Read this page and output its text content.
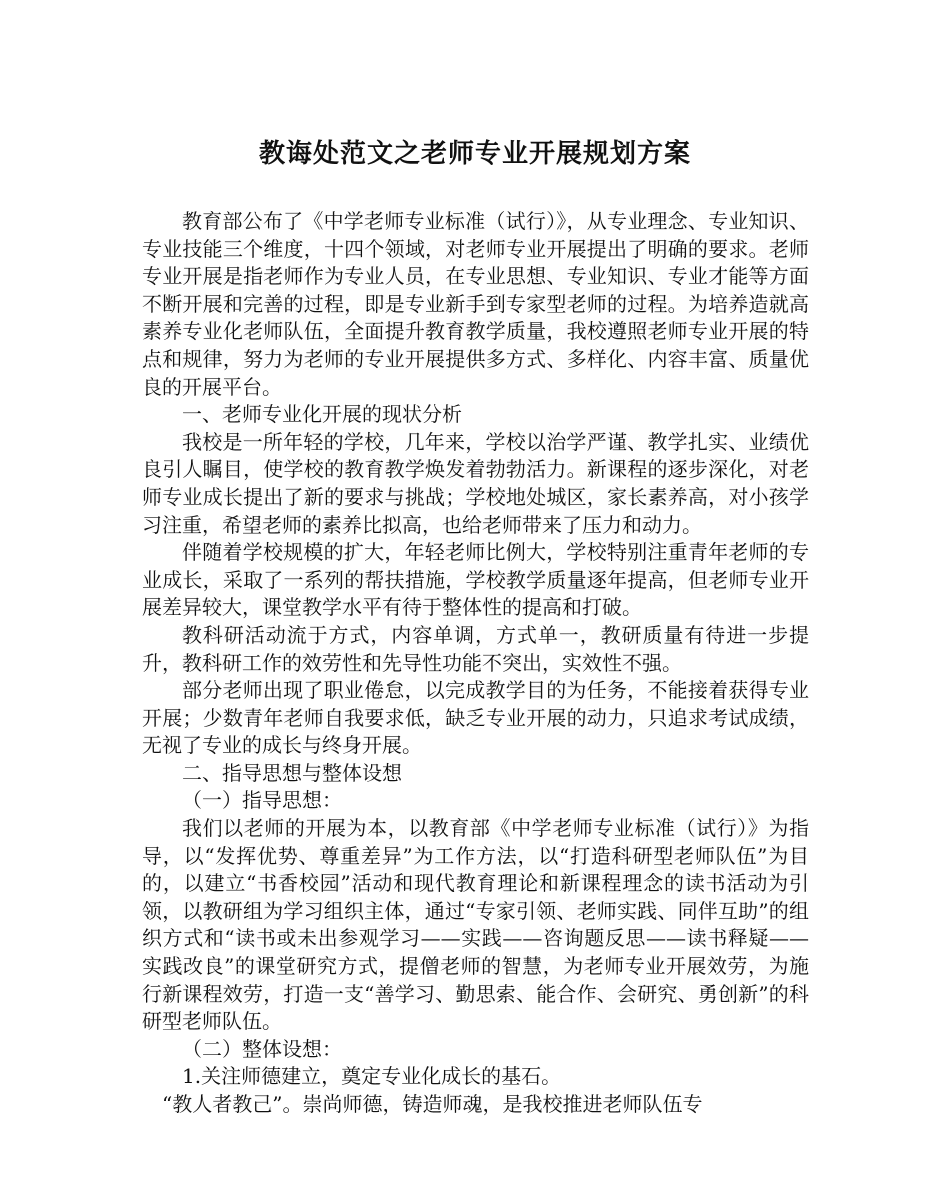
教诲处范文之老师专业开展规划方案

教育部公布了《中学老师专业标准（试行）》，从专业理念、专业知识、专业技能三个维度，十四个领域，对老师专业开展提出了明确的要求。老师专业开展是指老师作为专业人员，在专业思想、专业知识、专业才能等方面不断开展和完善的过程，即是专业新手到专家型老师的过程。为培养造就高素养专业化老师队伍，全面提升教育教学质量，我校遵照老师专业开展的特点和规律，努力为老师的专业开展提供多方式、多样化、内容丰富、质量优良的开展平台。

一、老师专业化开展的现状分析

我校是一所年轻的学校，几年来，学校以治学严谨、教学扎实、业绩优良引人瞩目，使学校的教育教学焕发着勃勃活力。新课程的逐步深化，对老师专业成长提出了新的要求与挑战；学校地处城区，家长素养高，对小孩学习注重，希望老师的素养比拟高，也给老师带来了压力和动力。

伴随着学校规模的扩大，年轻老师比例大，学校特别注重青年老师的专业成长，采取了一系列的帮扶措施，学校教学质量逐年提高，但老师专业开展差异较大，课堂教学水平有待于整体性的提高和打破。

教科研活动流于方式，内容单调，方式单一，教研质量有待进一步提升，教科研工作的效劳性和先导性功能不突出，实效性不强。

部分老师出现了职业倦怠，以完成教学目的为任务，不能接着获得专业开展；少数青年老师自我要求低，缺乏专业开展的动力，只追求考试成绩，无视了专业的成长与终身开展。

二、指导思想与整体设想

（一）指导思想：

我们以老师的开展为本，以教育部《中学老师专业标准（试行）》为指导，以“发挥优势、尊重差异”为工作方法，以“打造科研型老师队伍”为目的，以建立“书香校园”活动和现代教育理论和新课程理念的读书活动为引领，以教研组为学习组织主体，通过“专家引领、老师实践、同伴互助”的组织方式和“读书或未出参观学习——实践——咨询题反思——读书释疑——实践改良”的课堂研究方式，提僧老师的智慧，为老师专业开展效劳，为施行新课程效劳，打造一支“善学习、勤思索、能合作、会研究、勇创新”的科研型老师队伍。

（二）整体设想：

1.关注师德建立，奠定专业化成长的基石。

“教人者教己”。崇尚师德，铸造师魂，是我校推进老师队伍专
